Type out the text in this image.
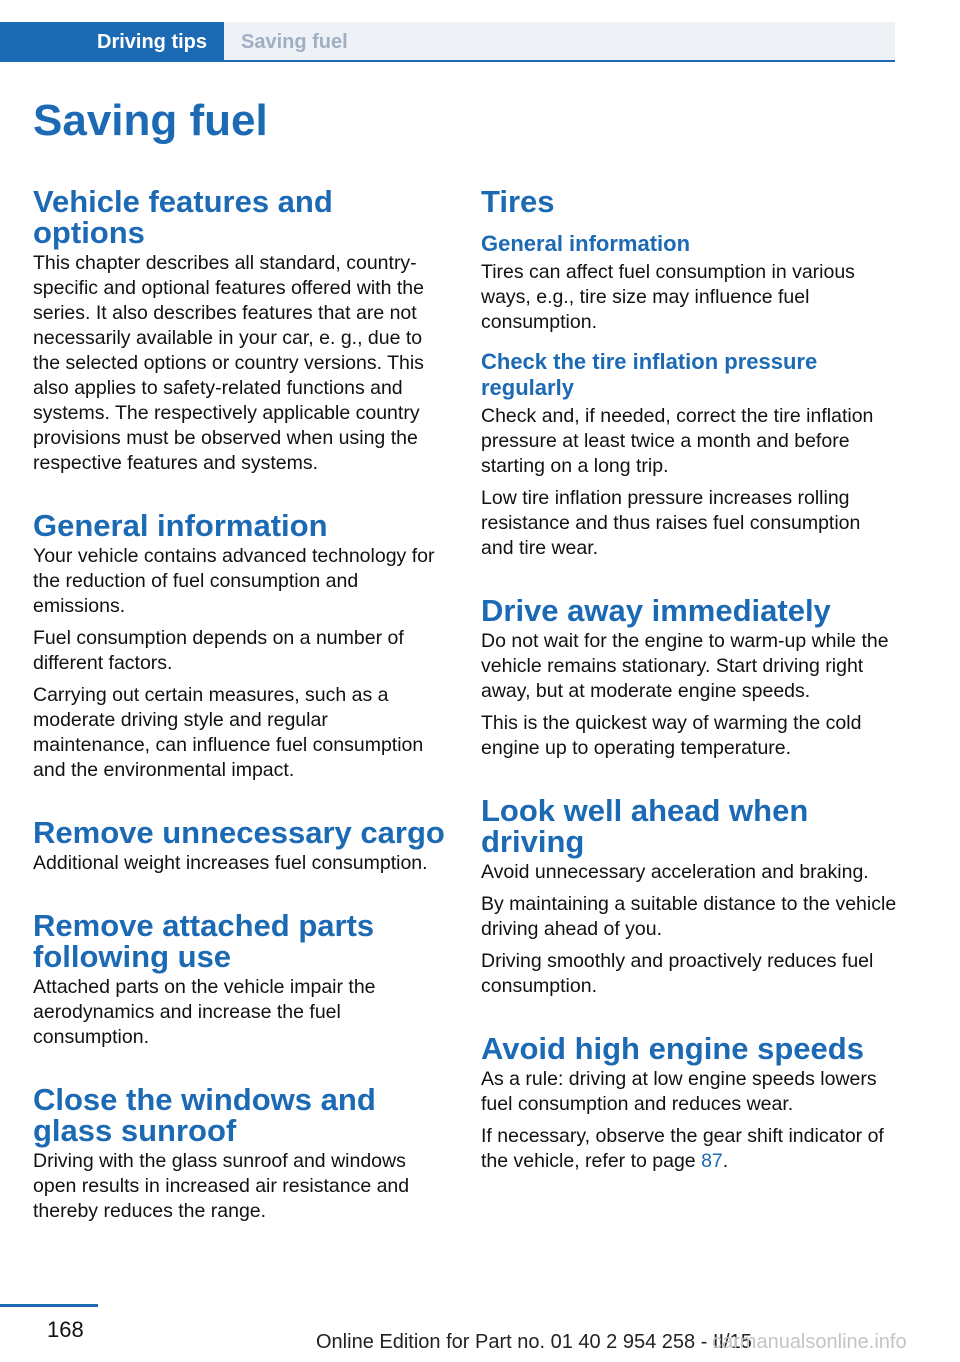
Driving tips Saving fuel
Saving fuel
Vehicle features and options
This chapter describes all standard, country-specific and optional features offered with the series. It also describes features that are not necessarily available in your car, e. g., due to the selected options or country versions. This also applies to safety-related functions and systems. The respectively applicable country provisions must be observed when using the respective features and systems.
General information
Your vehicle contains advanced technology for the reduction of fuel consumption and emissions.
Fuel consumption depends on a number of different factors.
Carrying out certain measures, such as a moderate driving style and regular maintenance, can influence fuel consumption and the environmental impact.
Remove unnecessary cargo
Additional weight increases fuel consumption.
Remove attached parts following use
Attached parts on the vehicle impair the aerodynamics and increase the fuel consumption.
Close the windows and glass sunroof
Driving with the glass sunroof and windows open results in increased air resistance and thereby reduces the range.
Tires
General information
Tires can affect fuel consumption in various ways, e.g., tire size may influence fuel consumption.
Check the tire inflation pressure regularly
Check and, if needed, correct the tire inflation pressure at least twice a month and before starting on a long trip.
Low tire inflation pressure increases rolling resistance and thus raises fuel consumption and tire wear.
Drive away immediately
Do not wait for the engine to warm-up while the vehicle remains stationary. Start driving right away, but at moderate engine speeds.
This is the quickest way of warming the cold engine up to operating temperature.
Look well ahead when driving
Avoid unnecessary acceleration and braking.
By maintaining a suitable distance to the vehicle driving ahead of you.
Driving smoothly and proactively reduces fuel consumption.
Avoid high engine speeds
As a rule: driving at low engine speeds lowers fuel consumption and reduces wear.
If necessary, observe the gear shift indicator of the vehicle, refer to page 87.
168	Online Edition for Part no. 01 40 2 954 258 - II/15
carmanualsonline.info
